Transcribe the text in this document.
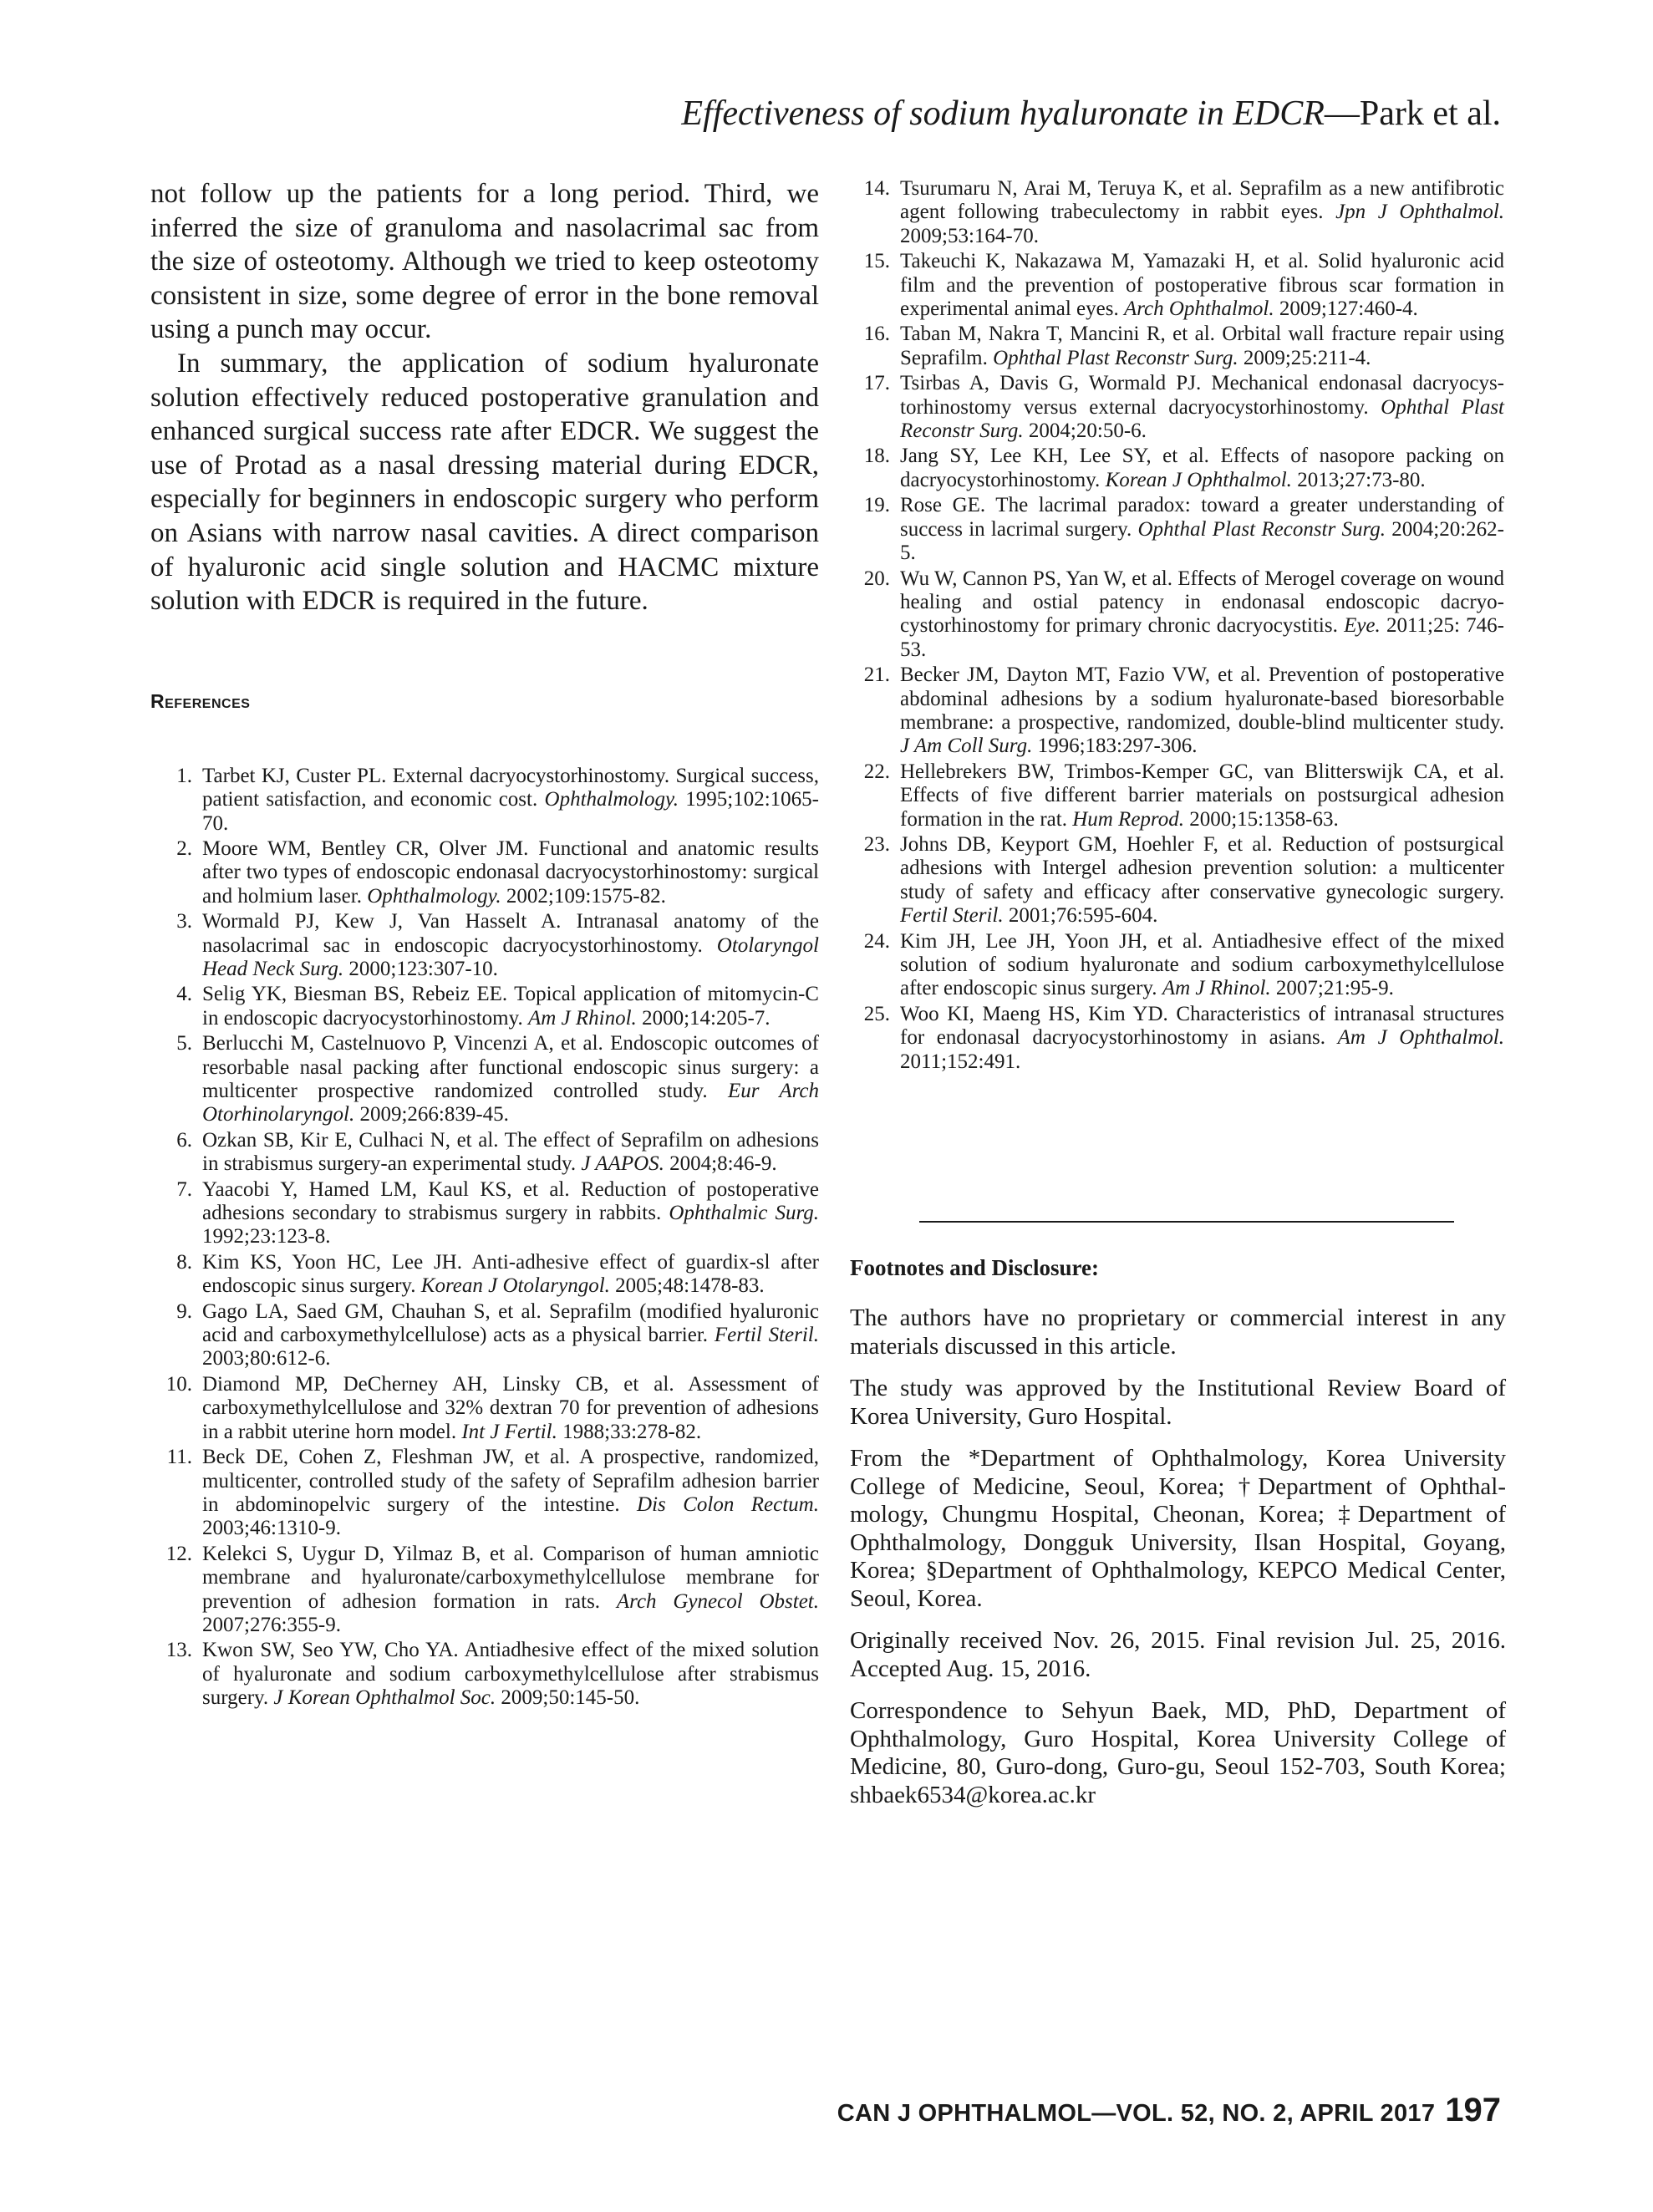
Effectiveness of sodium hyaluronate in EDCR—Park et al.

not follow up the patients for a long period. Third, we inferred the size of granuloma and nasolacrimal sac from the size of osteotomy. Although we tried to keep osteotomy consistent in size, some degree of error in the bone removal using a punch may occur.

In summary, the application of sodium hyaluronate solution effectively reduced postoperative granulation and enhanced surgical success rate after EDCR. We suggest the use of Protad as a nasal dressing material during EDCR, especially for beginners in endoscopic surgery who perform on Asians with narrow nasal cavities. A direct comparison of hyaluronic acid single solution and HACMC mixture solution with EDCR is required in the future.

References
1. Tarbet KJ, Custer PL. External dacryocystorhinostomy. Surgical success, patient satisfaction, and economic cost. Ophthalmology. 1995;102:1065-70.
2. Moore WM, Bentley CR, Olver JM. Functional and anatomic results after two types of endoscopic endonasal dacryocystorhinostomy: surgical and holmium laser. Ophthalmology. 2002;109:1575-82.
3. Wormald PJ, Kew J, Van Hasselt A. Intranasal anatomy of the nasolacrimal sac in endoscopic dacryocystorhinostomy. Otolaryngol Head Neck Surg. 2000;123:307-10.
4. Selig YK, Biesman BS, Rebeiz EE. Topical application of mitomycin-C in endoscopic dacryocystorhinostomy. Am J Rhinol. 2000;14:205-7.
5. Berlucchi M, Castelnuovo P, Vincenzi A, et al. Endoscopic outcomes of resorbable nasal packing after functional endoscopic sinus surgery: a multicenter prospective randomized controlled study. Eur Arch Otorhinolaryngol. 2009;266:839-45.
6. Ozkan SB, Kir E, Culhaci N, et al. The effect of Seprafilm on adhesions in strabismus surgery-an experimental study. J AAPOS. 2004;8:46-9.
7. Yaacobi Y, Hamed LM, Kaul KS, et al. Reduction of postoperative adhesions secondary to strabismus surgery in rabbits. Ophthalmic Surg. 1992;23:123-8.
8. Kim KS, Yoon HC, Lee JH. Anti-adhesive effect of guardix-sl after endoscopic sinus surgery. Korean J Otolaryngol. 2005;48:1478-83.
9. Gago LA, Saed GM, Chauhan S, et al. Seprafilm (modified hyaluronic acid and carboxymethylcellulose) acts as a physical barrier. Fertil Steril. 2003;80:612-6.
10. Diamond MP, DeCherney AH, Linsky CB, et al. Assessment of carboxymethylcellulose and 32% dextran 70 for prevention of adhesions in a rabbit uterine horn model. Int J Fertil. 1988;33:278-82.
11. Beck DE, Cohen Z, Fleshman JW, et al. A prospective, randomized, multicenter, controlled study of the safety of Seprafilm adhesion barrier in abdominopelvic surgery of the intestine. Dis Colon Rectum. 2003;46:1310-9.
12. Kelekci S, Uygur D, Yilmaz B, et al. Comparison of human amniotic membrane and hyaluronate/carboxymethylcellulose membrane for prevention of adhesion formation in rats. Arch Gynecol Obstet. 2007;276:355-9.
13. Kwon SW, Seo YW, Cho YA. Antiadhesive effect of the mixed solution of hyaluronate and sodium carboxymethylcellulose after strabismus surgery. J Korean Ophthalmol Soc. 2009;50:145-50.
14. Tsurumaru N, Arai M, Teruya K, et al. Seprafilm as a new antifibrotic agent following trabeculectomy in rabbit eyes. Jpn J Ophthalmol. 2009;53:164-70.
15. Takeuchi K, Nakazawa M, Yamazaki H, et al. Solid hyaluronic acid film and the prevention of postoperative fibrous scar formation in experimental animal eyes. Arch Ophthalmol. 2009;127:460-4.
16. Taban M, Nakra T, Mancini R, et al. Orbital wall fracture repair using Seprafilm. Ophthal Plast Reconstr Surg. 2009;25:211-4.
17. Tsirbas A, Davis G, Wormald PJ. Mechanical endonasal dacryocystorhinostomy versus external dacryocystorhinostomy. Ophthal Plast Reconstr Surg. 2004;20:50-6.
18. Jang SY, Lee KH, Lee SY, et al. Effects of nasopore packing on dacryocystorhinostomy. Korean J Ophthalmol. 2013;27:73-80.
19. Rose GE. The lacrimal paradox: toward a greater understanding of success in lacrimal surgery. Ophthal Plast Reconstr Surg. 2004;20:262-5.
20. Wu W, Cannon PS, Yan W, et al. Effects of Merogel coverage on wound healing and ostial patency in endonasal endoscopic dacryocystorhinostomy for primary chronic dacryocystitis. Eye. 2011;25: 746-53.
21. Becker JM, Dayton MT, Fazio VW, et al. Prevention of postoperative abdominal adhesions by a sodium hyaluronate-based bioresorbable membrane: a prospective, randomized, double-blind multicenter study. J Am Coll Surg. 1996;183:297-306.
22. Hellebrekers BW, Trimbos-Kemper GC, van Blitterswijk CA, et al. Effects of five different barrier materials on postsurgical adhesion formation in the rat. Hum Reprod. 2000;15:1358-63.
23. Johns DB, Keyport GM, Hoehler F, et al. Reduction of postsurgical adhesions with Intergel adhesion prevention solution: a multicenter study of safety and efficacy after conservative gynecologic surgery. Fertil Steril. 2001;76:595-604.
24. Kim JH, Lee JH, Yoon JH, et al. Antiadhesive effect of the mixed solution of sodium hyaluronate and sodium carboxymethylcellulose after endoscopic sinus surgery. Am J Rhinol. 2007;21:95-9.
25. Woo KI, Maeng HS, Kim YD. Characteristics of intranasal structures for endonasal dacryocystorhinostomy in asians. Am J Ophthalmol. 2011;152:491.
Footnotes and Disclosure:

The authors have no proprietary or commercial interest in any materials discussed in this article.

The study was approved by the Institutional Review Board of Korea University, Guro Hospital.

From the *Department of Ophthalmology, Korea University College of Medicine, Seoul, Korea; †Department of Ophthalmology, Chungmu Hospital, Cheonan, Korea; ‡Department of Ophthalmology, Dongguk University, Ilsan Hospital, Goyang, Korea; §Department of Ophthalmology, KEPCO Medical Center, Seoul, Korea.

Originally received Nov. 26, 2015. Final revision Jul. 25, 2016. Accepted Aug. 15, 2016.

Correspondence to Sehyun Baek, MD, PhD, Department of Ophthalmology, Guro Hospital, Korea University College of Medicine, 80, Guro-dong, Guro-gu, Seoul 152-703, South Korea; shbaek6534@korea.ac.kr

CAN J OPHTHALMOL—VOL. 52, NO. 2, APRIL 2017 197
